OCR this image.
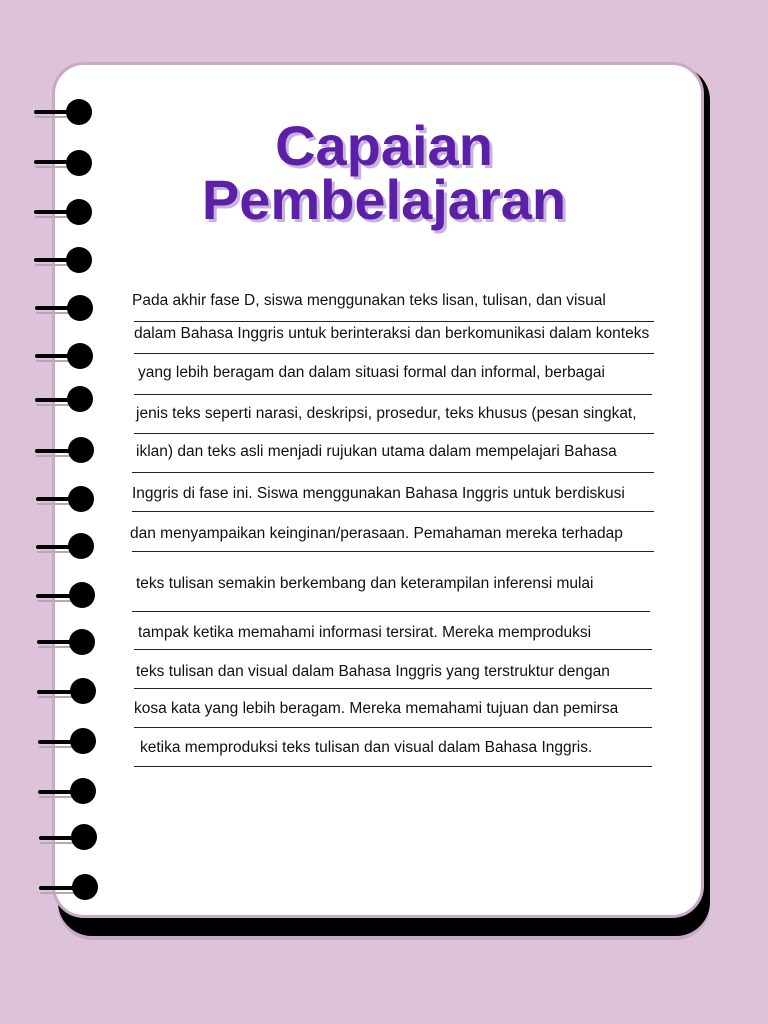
Capaian
Pembelajaran

Pada akhir fase D, siswa menggunakan teks lisan, tulisan, dan visual

dalam Bahasa Inggris untuk berinteraksi dan berkomunikasi dalam konteks

yang lebih beragam dan dalam situasi formal dan informal, berbagai

jenis teks seperti narasi, deskripsi, prosedur, teks khusus (pesan singkat,

iklan) dan teks asli menjadi rujukan utama dalam mempelajari Bahasa

Inggris di fase ini. Siswa menggunakan Bahasa Inggris untuk berdiskusi

dan menyampaikan keinginan/perasaan. Pemahaman mereka terhadap

teks tulisan semakin berkembang dan keterampilan inferensi mulai

tampak ketika memahami informasi tersirat. Mereka memproduksi

teks tulisan dan visual dalam Bahasa Inggris yang terstruktur dengan

kosa kata yang lebih beragam. Mereka memahami tujuan dan pemirsa

ketika memproduksi teks tulisan dan visual dalam Bahasa Inggris.
